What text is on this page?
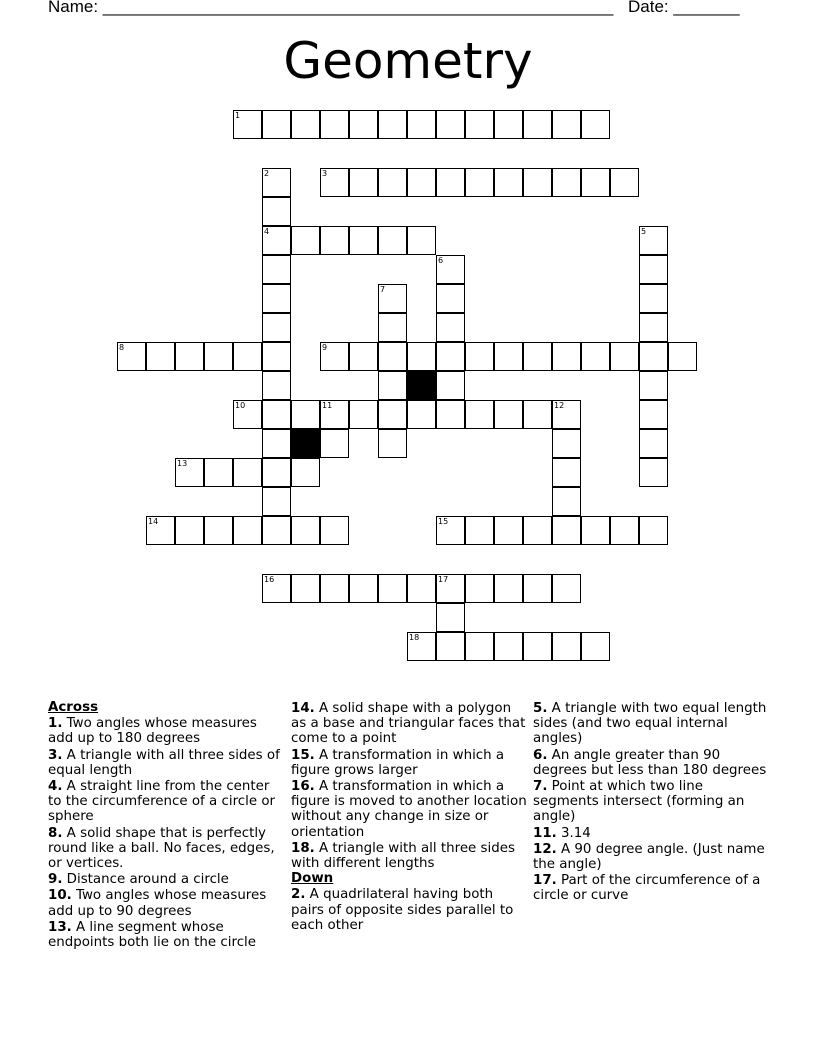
Name: ______________________________________________________ Date: _______
Geometry
1
2
4
3
5
6
7
8	9
10	11	12
13
14	15
16	17
18
Across
1. Two angles whose measures add up to 180 degrees
3. A triangle with all three sides of equal length
4. A straight line from the center to the circumference of a circle or sphere
8. A solid shape that is perfectly round like a ball. No faces, edges, or vertices.
9. Distance around a circle
10. Two angles whose measures add up to 90 degrees
13. A line segment whose endpoints both lie on the circle
14. A solid shape with a polygon as a base and triangular faces that come to a point
15. A transformation in which a figure grows larger
16. A transformation in which a figure is moved to another location without any change in size or orientation
18. A triangle with all three sides with different lengths
Down
2. A quadrilateral having both pairs of opposite sides parallel to each other
5. A triangle with two equal length sides (and two equal internal angles)
6. An angle greater than 90 degrees but less than 180 degrees
7. Point at which two line segments intersect (forming an angle)
11. 3.14
12. A 90 degree angle. (Just name the angle)
17. Part of the circumference of a circle or curve
